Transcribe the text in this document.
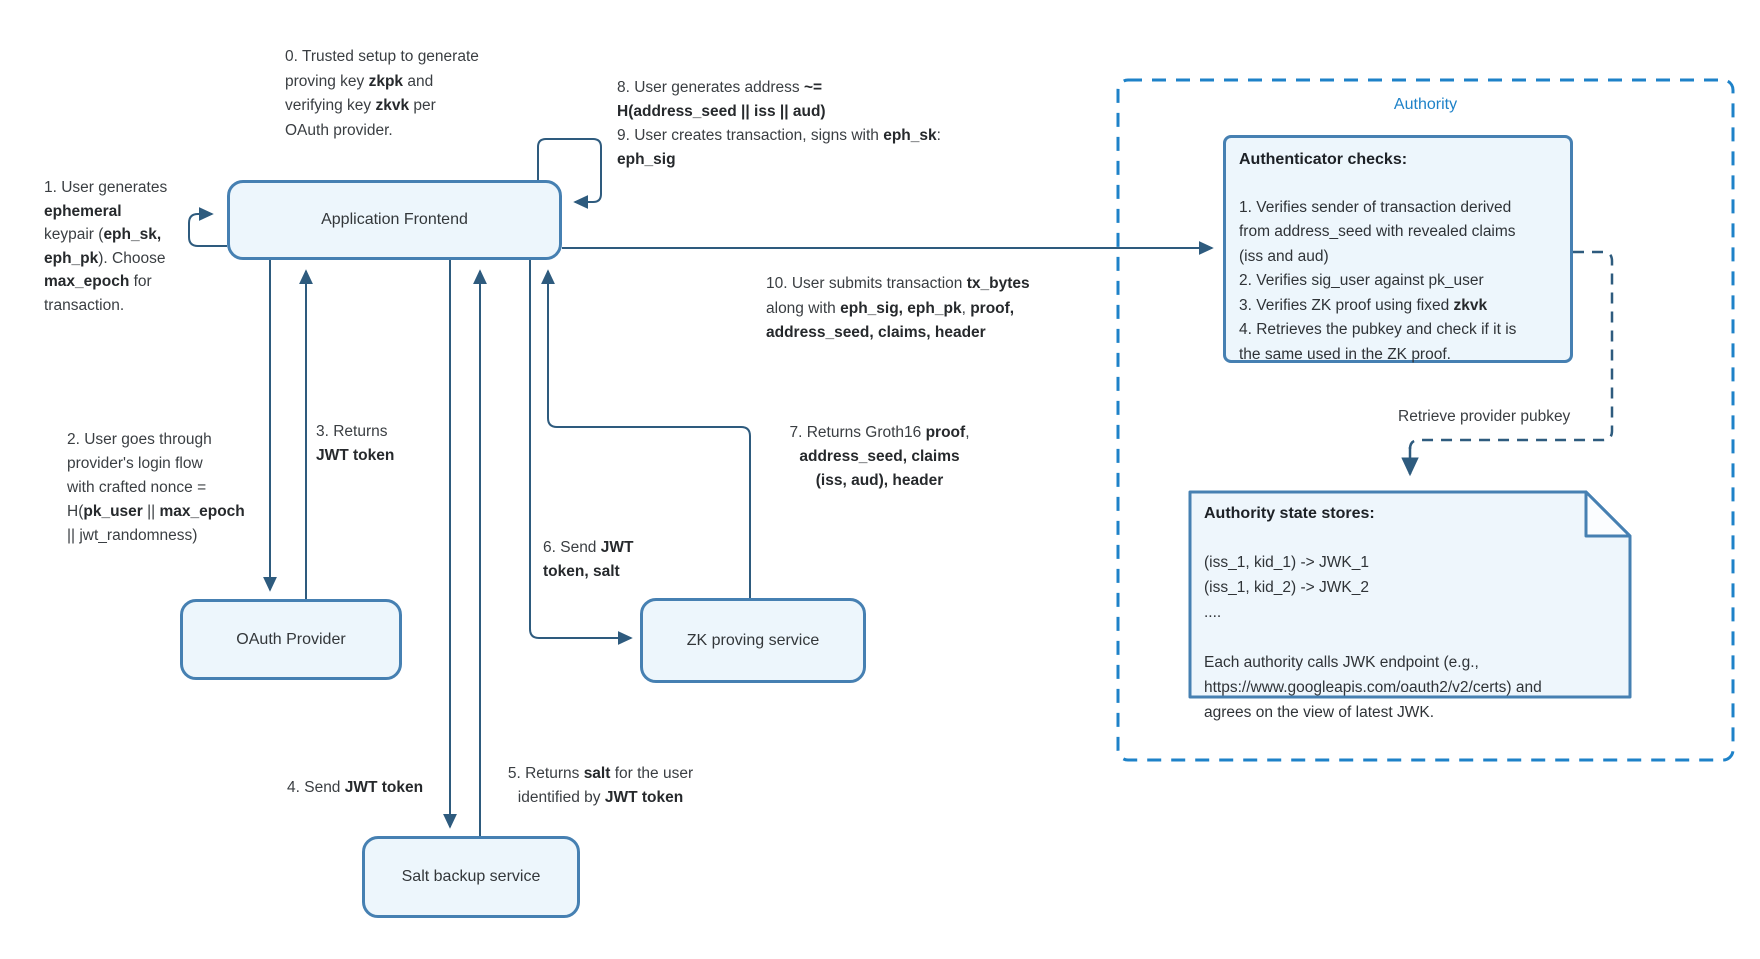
Authority
Application Frontend
OAuth Provider	ZK proving service
Salt backup service
Authenticator checks:
1. Verifies sender of transaction derived
from address_seed with revealed claims
(iss and aud)
2. Verifies sig_user against pk_user
3. Verifies ZK proof using fixed zkvk
4. Retrieves the pubkey and check if it is
the same used in the ZK proof.
Authority state stores:
(iss_1, kid_1) -> JWK_1
(iss_1, kid_2) -> JWK_2
....

Each authority calls JWK endpoint (e.g.,
https://www.googleapis.com/oauth2/v2/certs) and
agrees on the view of latest JWK.
0. Trusted setup to generate
proving key zkpk and
verifying key zkvk per
OAuth provider.
1. User generates
ephemeral
keypair (eph_sk,
eph_pk). Choose
max_epoch for
transaction.
2. User goes through
provider's login flow
with crafted nonce =
H(pk_user || max_epoch
|| jwt_randomness)
3. Returns
JWT token
4. Send JWT token
5. Returns salt for the user
identified by JWT token
6. Send JWT
token, salt
7. Returns Groth16 proof,
address_seed, claims
(iss, aud), header
8. User generates address ~=
H(address_seed || iss || aud)
9. User creates transaction, signs with eph_sk:
eph_sig
10. User submits transaction tx_bytes
along with eph_sig, eph_pk, proof,
address_seed, claims, header
Retrieve provider pubkey
